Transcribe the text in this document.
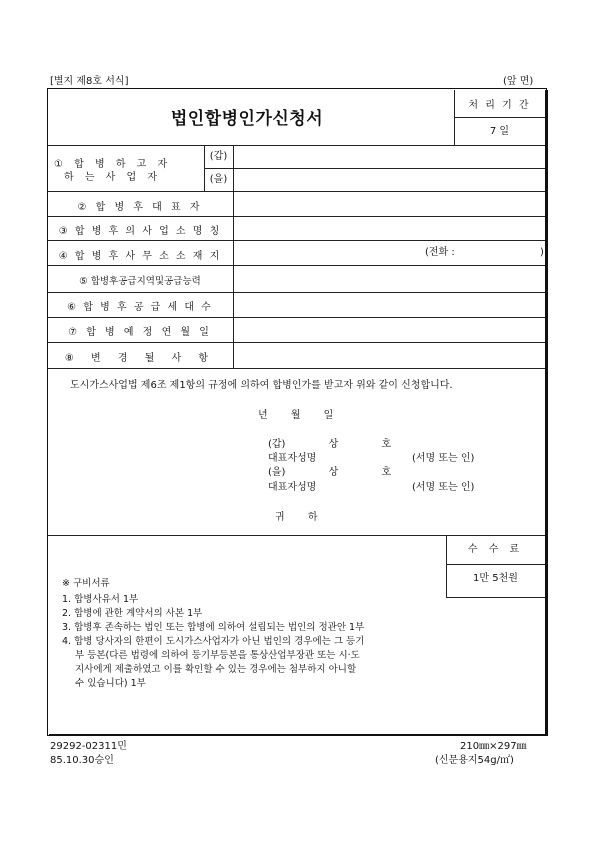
[별지 제8호 서식]	(앞 면)
법인합병인가신청서
처 리 기 간
7 일
① 합 병 하 고 자
하 는 사 업 자
(갑)
(을)
② 합 병 후 대 표 자
③ 합 병 후 의 사 업 소 명 칭
④ 합 병 후 사 무 소 소 재 지	(전화 :	)
⑤ 합병후공급지역및공급능력
⑥ 합 병 후 공 급 세 대 수
⑦ 합 병 예 정 연 월 일
⑧ 변 경 될 사 항
도시가스사업법 제6조 제1항의 규정에 의하여 합병인가를 받고자 위와 같이 신청합니다.
년 월 일
(갑) 상 호
대표자성명	(서명 또는 인)
(을) 상 호
대표자성명	(서명 또는 인)
귀 하
수 수 료
1만 5천원
※ 구비서류
1. 합병사유서 1부
2. 합병에 관한 계약서의 사본 1부
3. 합병후 존속하는 법인 또는 합병에 의하여 설립되는 법인의 정관안 1부
4. 합병 당사자의 한편이 도시가스사업자가 아닌 법인의 경우에는 그 등기
부 등본(다른 법령에 의하여 등기부등본을 통상산업부장관 또는 시·도
지사에게 제출하였고 이를 확인할 수 있는 경우에는 첨부하지 아니할
수 있습니다) 1부
29292-02311민
85.10.30승인
210㎜×297㎜
(신문용지54g/㎡)
